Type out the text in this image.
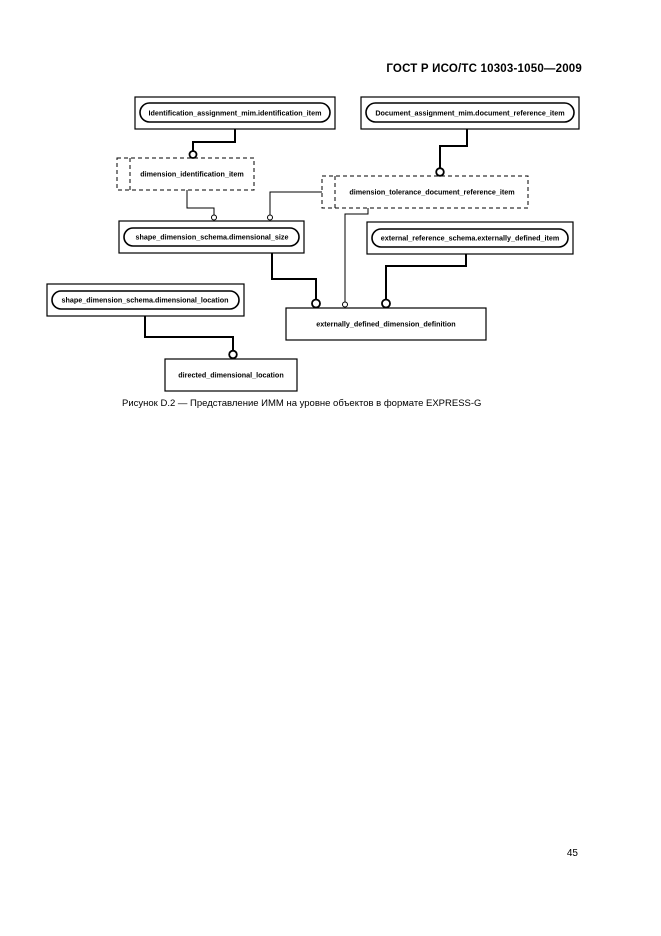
ГОСТ Р ИСО/ТС 10303-1050—2009
Identification_assignment_mim.identification_item	Document_assignment_mim.document_reference_item
dimension_identification_item
dimension_tolerance_document_reference_item
shape_dimension_schema.dimensional_size	external_reference_schema.externally_defined_item
shape_dimension_schema.dimensional_location
externally_defined_dimension_definition
directed_dimensional_location
Рисунок D.2 — Представление ИММ на уровне объектов в формате EXPRESS-G
45
